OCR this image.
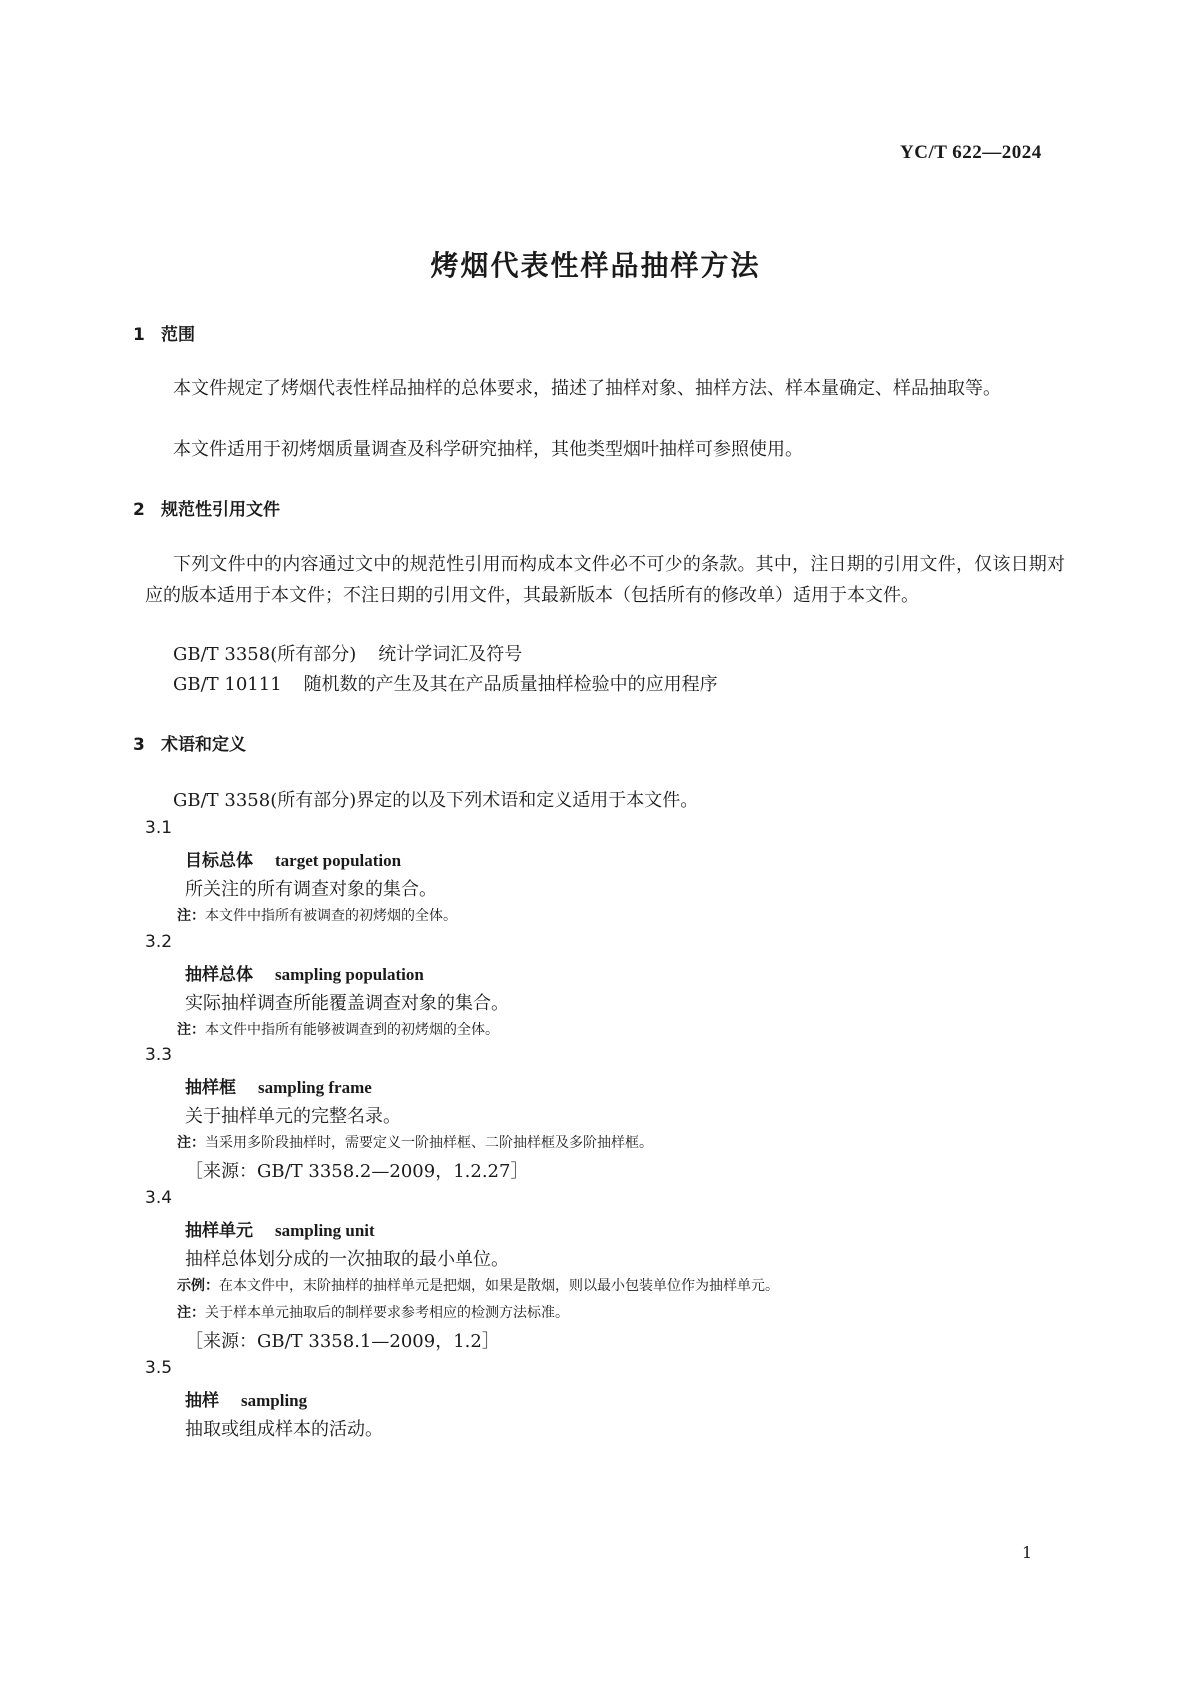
YC/T 622—2024
烤烟代表性样品抽样方法
1 范围
本文件规定了烤烟代表性样品抽样的总体要求，描述了抽样对象、抽样方法、样本量确定、样品抽取等。
本文件适用于初烤烟质量调查及科学研究抽样，其他类型烟叶抽样可参照使用。
2 规范性引用文件
下列文件中的内容通过文中的规范性引用而构成本文件必不可少的条款。其中，注日期的引用文件，仅该日期对应的版本适用于本文件；不注日期的引用文件，其最新版本（包括所有的修改单）适用于本文件。
GB/T 3358(所有部分) 统计学词汇及符号
GB/T 10111 随机数的产生及其在产品质量抽样检验中的应用程序
3 术语和定义
GB/T 3358(所有部分)界定的以及下列术语和定义适用于本文件。
3.1
目标总体 target population
所关注的所有调查对象的集合。
注：本文件中指所有被调查的初烤烟的全体。
3.2
抽样总体 sampling population
实际抽样调查所能覆盖调查对象的集合。
注：本文件中指所有能够被调查到的初烤烟的全体。
3.3
抽样框 sampling frame
关于抽样单元的完整名录。
注：当采用多阶段抽样时，需要定义一阶抽样框、二阶抽样框及多阶抽样框。
［来源：GB/T 3358.2—2009，1.2.27］
3.4
抽样单元 sampling unit
抽样总体划分成的一次抽取的最小单位。
示例：在本文件中，末阶抽样的抽样单元是把烟，如果是散烟，则以最小包装单位作为抽样单元。
注：关于样本单元抽取后的制样要求参考相应的检测方法标准。
［来源：GB/T 3358.1—2009，1.2］
3.5
抽样 sampling
抽取或组成样本的活动。
1
